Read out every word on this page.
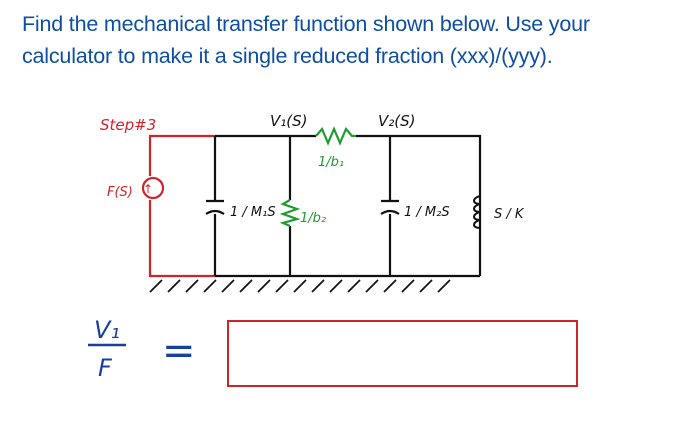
Find the mechanical transfer function shown below. Use your
calculator to make it a single reduced fraction (xxx)/(yyy).
Step#3	V₁(S)	V₂(S)
↑
F(S)
1/b₁
1/b₂
1 / M₁S	1 / M₂S	S / K
V₁
F =
